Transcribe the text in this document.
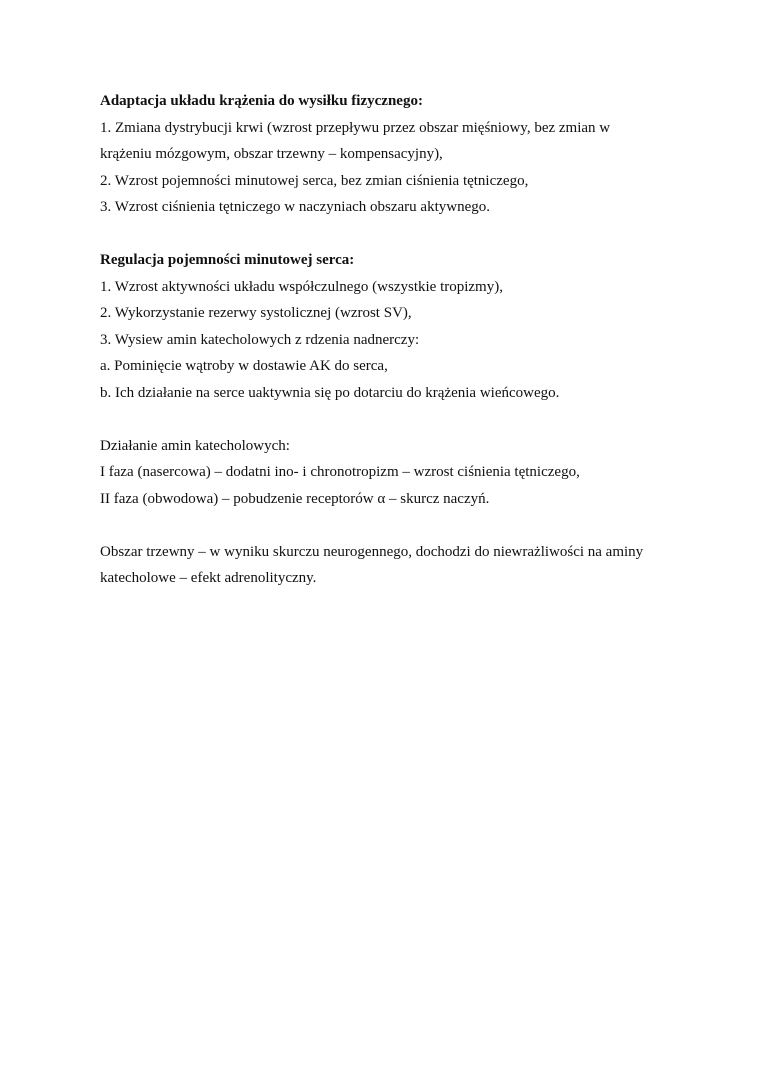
Adaptacja układu krążenia do wysiłku fizycznego:
1. Zmiana dystrybucji krwi (wzrost przepływu przez obszar mięśniowy, bez zmian w
krążeniu mózgowym, obszar trzewny – kompensacyjny),
2. Wzrost pojemności minutowej serca, bez zmian ciśnienia tętniczego,
3. Wzrost ciśnienia tętniczego w naczyniach obszaru aktywnego.
Regulacja pojemności minutowej serca:
1. Wzrost aktywności układu współczulnego (wszystkie tropizmy),
2. Wykorzystanie rezerwy systolicznej (wzrost SV),
3. Wysiew amin katecholowych z rdzenia nadnerczy:
a. Pominięcie wątroby w dostawie AK do serca,
b. Ich działanie na serce uaktywnia się po dotarciu do krążenia wieńcowego.
Działanie amin katecholowych:
I faza (nasercowa) – dodatni ino- i chronotropizm – wzrost ciśnienia tętniczego,
II faza (obwodowa) – pobudzenie receptorów α – skurcz naczyń.
Obszar trzewny – w wyniku skurczu neurogennego, dochodzi do niewrażliwości na aminy
katecholowe – efekt adrenolityczny.
